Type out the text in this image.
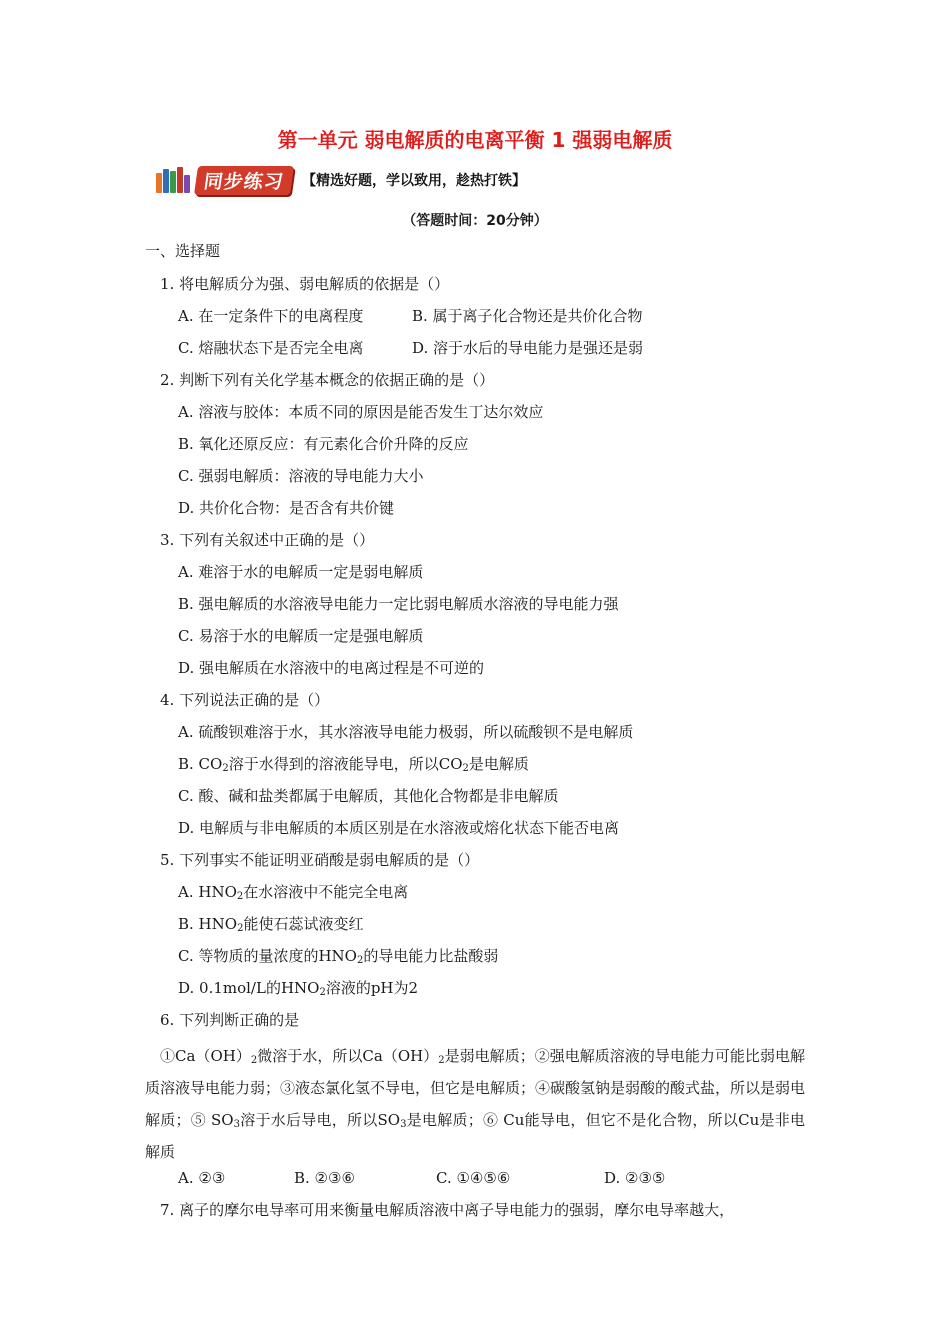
第一单元 弱电解质的电离平衡 1 强弱电解质
同步练习	【精选好题，学以致用，趁热打铁】
（答题时间：20分钟）
一、选择题
1. 将电解质分为强、弱电解质的依据是（）
A. 在一定条件下的电离程度	B. 属于离子化合物还是共价化合物
C. 熔融状态下是否完全电离	D. 溶于水后的导电能力是强还是弱
2. 判断下列有关化学基本概念的依据正确的是（）
A. 溶液与胶体：本质不同的原因是能否发生丁达尔效应
B. 氧化还原反应：有元素化合价升降的反应
C. 强弱电解质：溶液的导电能力大小
D. 共价化合物：是否含有共价键
3. 下列有关叙述中正确的是（）
A. 难溶于水的电解质一定是弱电解质
B. 强电解质的水溶液导电能力一定比弱电解质水溶液的导电能力强
C. 易溶于水的电解质一定是强电解质
D. 强电解质在水溶液中的电离过程是不可逆的
4. 下列说法正确的是（）
A. 硫酸钡难溶于水，其水溶液导电能力极弱，所以硫酸钡不是电解质
B. $CO_2$溶于水得到的溶液能导电，所以$CO_2$是电解质
C. 酸、碱和盐类都属于电解质，其他化合物都是非电解质
D. 电解质与非电解质的本质区别是在水溶液或熔化状态下能否电离
5. 下列事实不能证明亚硝酸是弱电解质的是（）
A. $HNO_2$在水溶液中不能完全电离
B. $HNO_2$能使石蕊试液变红
C. 等物质的量浓度的$HNO_2$的导电能力比盐酸弱
D. 0.1mol/L的$HNO_2$溶液的pH为2
6. 下列判断正确的是
　$①Ca(OH)_2$微溶于水，所以$Ca(OH)_2$是弱电解质；②强电解质溶液的导电能力可能比弱电解质溶液导电能力弱；③液态氯化氢不导电，但它是电解质；④碳酸氢钠是弱酸的酸式盐，所以是弱电解质；⑤ $SO_3$溶于水后导电，所以$SO_3$是电解质；⑥ Cu能导电，但它不是化合物，所以Cu是非电解质
A. ②③	B. ②③⑥	C. ①④⑤⑥	D. ②③⑤
7. 离子的摩尔电导率可用来衡量电解质溶液中离子导电能力的强弱，摩尔电导率越大，
